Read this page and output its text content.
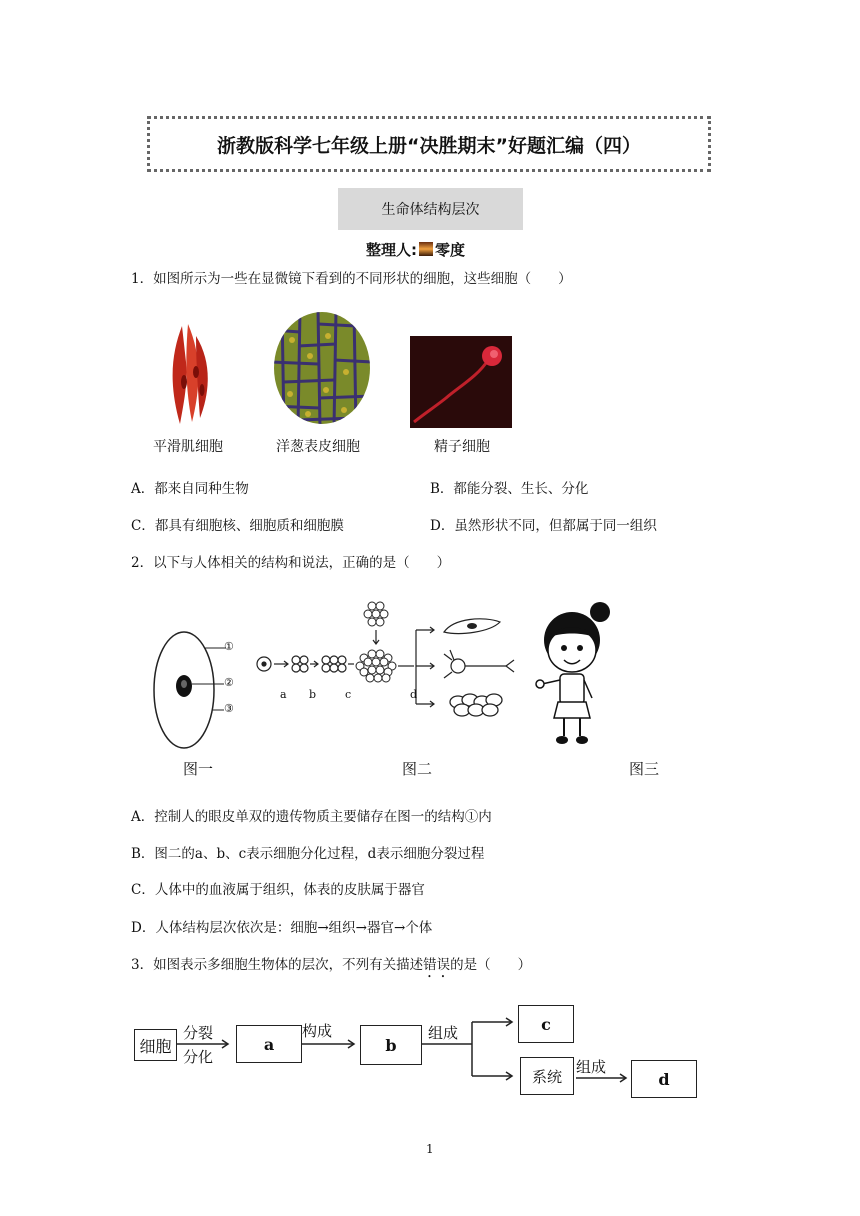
浙教版科学七年级上册“决胜期末”好题汇编（四）
生命体结构层次
整理人: 零度
1．如图所示为一些在显微镜下看到的不同形状的细胞，这些细胞（　　）
平滑肌细胞	洋葱表皮细胞	精子细胞
A．都来自同种生物	B．都能分裂、生长、分化
C．都具有细胞核、细胞质和细胞膜	D．虽然形状不同，但都属于同一组织
2．以下与人体相关的结构和说法，正确的是（　　）
①
②
③
a b	c	d
图一	图二	图三
A．控制人的眼皮单双的遗传物质主要储存在图一的结构①内
B．图二的a、b、c表示细胞分化过程，d表示细胞分裂过程
C．人体中的血液属于组织，体表的皮肤属于器官
D．人体结构层次依次是：细胞→组织→器官→个体
3．如图表示多细胞生物体的层次，不列有关描述错误的是（　　）
细胞
分裂
分化
a
构成
b
组成	c
系统
组成
d
1
